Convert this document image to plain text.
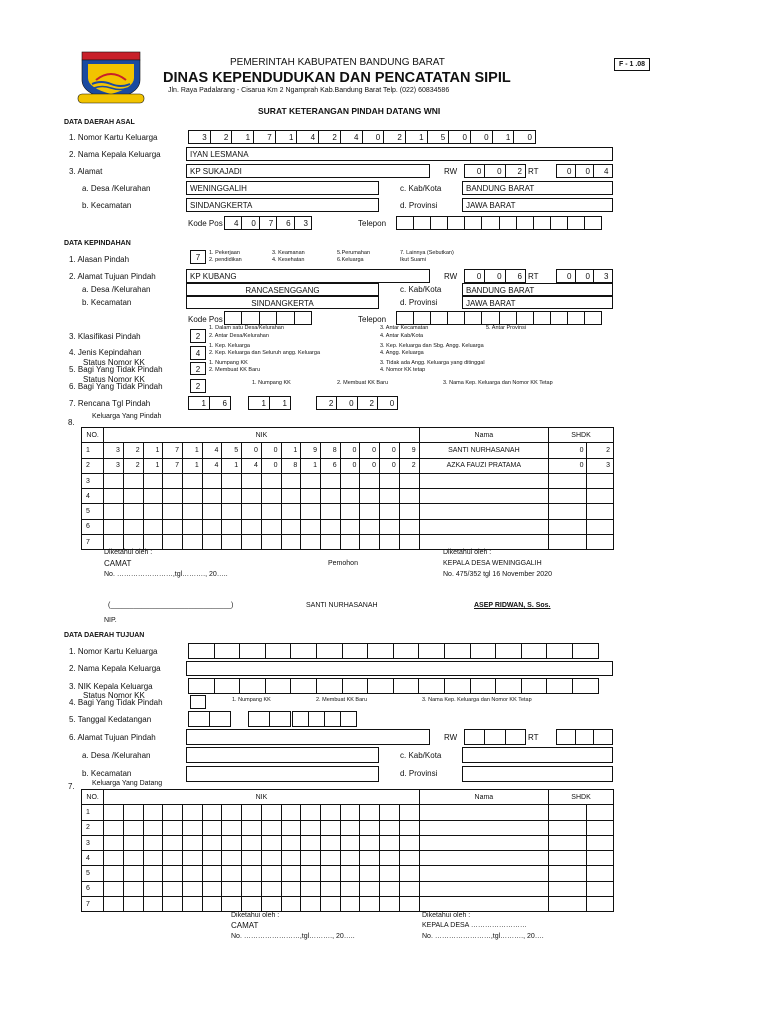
PEMERINTAH KABUPATEN BANDUNG BARAT
DINAS KEPENDUDUKAN DAN PENCATATAN SIPIL
Jln. Raya Padalarang - Cisarua Km 2 Ngamprah Kab.Bandung Barat Telp. (022) 60834586
F - 1 .08
SURAT KETERANGAN PINDAH DATANG WNI
DATA DAERAH ASAL
1. Nomor Kartu Keluarga	3	2	1	7	1	4	2	4	0	2	1	5	0	0	1	0
2. Nama Kepala Keluarga	IYAN LESMANA
3. Alamat	KP SUKAJADI	RW	0	0	2 RT	0	0	4
a. Desa /Kelurahan	WENINGGALIH	c. Kab/Kota	BANDUNG BARAT
b. Kecamatan	SINDANGKERTA	d. Provinsi	JAWA BARAT
Kode Pos	4	0	7	6	3	Telepon
DATA KEPINDAHAN
1. Alasan Pindah	7	1. Pekerjaan
2. pendidikan
3. Keamanan
4. Kesehatan
5.Perumahan
6.Keluarga
7. Lainnya (Sebutkan)
Ikut Suami
2. Alamat Tujuan Pindah	KP KUBANG	RW	0	0	6 RT	0	0	3
a. Desa /Kelurahan	RANCASENGGANG	c. Kab/Kota	BANDUNG BARAT
b. Kecamatan	SINDANGKERTA	d. Provinsi	JAWA BARAT
Kode Pos	Telepon
3. Klasifikasi Pindah	2
1. Dalam satu Desa/Kelurahan
2. Antar Desa/Kelurahan
3. Antar Kecamatan
4. Antar Kab/Kota
5. Antar Provinsi
4. Jenis Kepindahan	4
1. Kep. Keluarga
2. Kep. Keluarga dan Seluruh angg. Keluarga
3. Kep. Keluarga dan Sbg. Angg. Keluarga
4. Angg. Keluarga
Status Nomor KK
5. Bagi Yang Tidak Pindah	2
1. Numpang KK
2. Membuat KK Baru
3. Tidak ada Angg. Keluarga yang ditinggal
4. Nomor KK tetap
Status Nomor KK
6. Bagi Yang Tidak Pindah	2	1. Numpang KK	2. Membuat KK Baru	3. Nama Kep. Keluarga dan Nomor KK Tetap
7. Rencana Tgl Pindah	1	6	1	1	2	0	2	0
Keluarga Yang Pindah
8.
NO.	NIK																Nama	SHDK	
1	3	2	1	7	1	4	5	0	0	1	9	8	0	0	0	9	SANTI NURHASANAH	0	2
2	3	2	1	7	1	4	1	4	0	8	1	6	0	0	0	2	AZKA FAUZI PRATAMA	0	3
3																			
4																			
5																			
6																			
7																			
Diketahui oleh :
CAMAT
No. ……………………,tgl………., 20…..
Pemohon
Diketahui oleh :
KEPALA DESA WENINGGALIH
No. 475/352 tgl 16 November 2020
(_______________________________)	SANTI NURHASANAH	ASEP RIDWAN, S. Sos.
NIP.
DATA DAERAH TUJUAN
1. Nomor Kartu Keluarga
2. Nama Kepala Keluarga
3. NIK Kepala Keluarga
Status Nomor KK
4. Bagi Yang Tidak Pindah	1. Numpang KK	2. Membuat KK Baru	3. Nama Kep. Keluarga dan Nomor KK Tetap
5. Tanggal Kedatangan
6. Alamat Tujuan Pindah	RW	RT
a. Desa /Kelurahan	c. Kab/Kota
b. Kecamatan	d. Provinsi
Keluarga Yang Datang
7.
NO.	NIK																Nama	SHDK	
1																			
2																			
3																			
4																			
5																			
6																			
7																			
Diketahui oleh :
CAMAT
No. ……………………,tgl………., 20…..
Diketahui oleh :
KEPALA DESA ……………………
No. ……………………,tgl………., 20….
